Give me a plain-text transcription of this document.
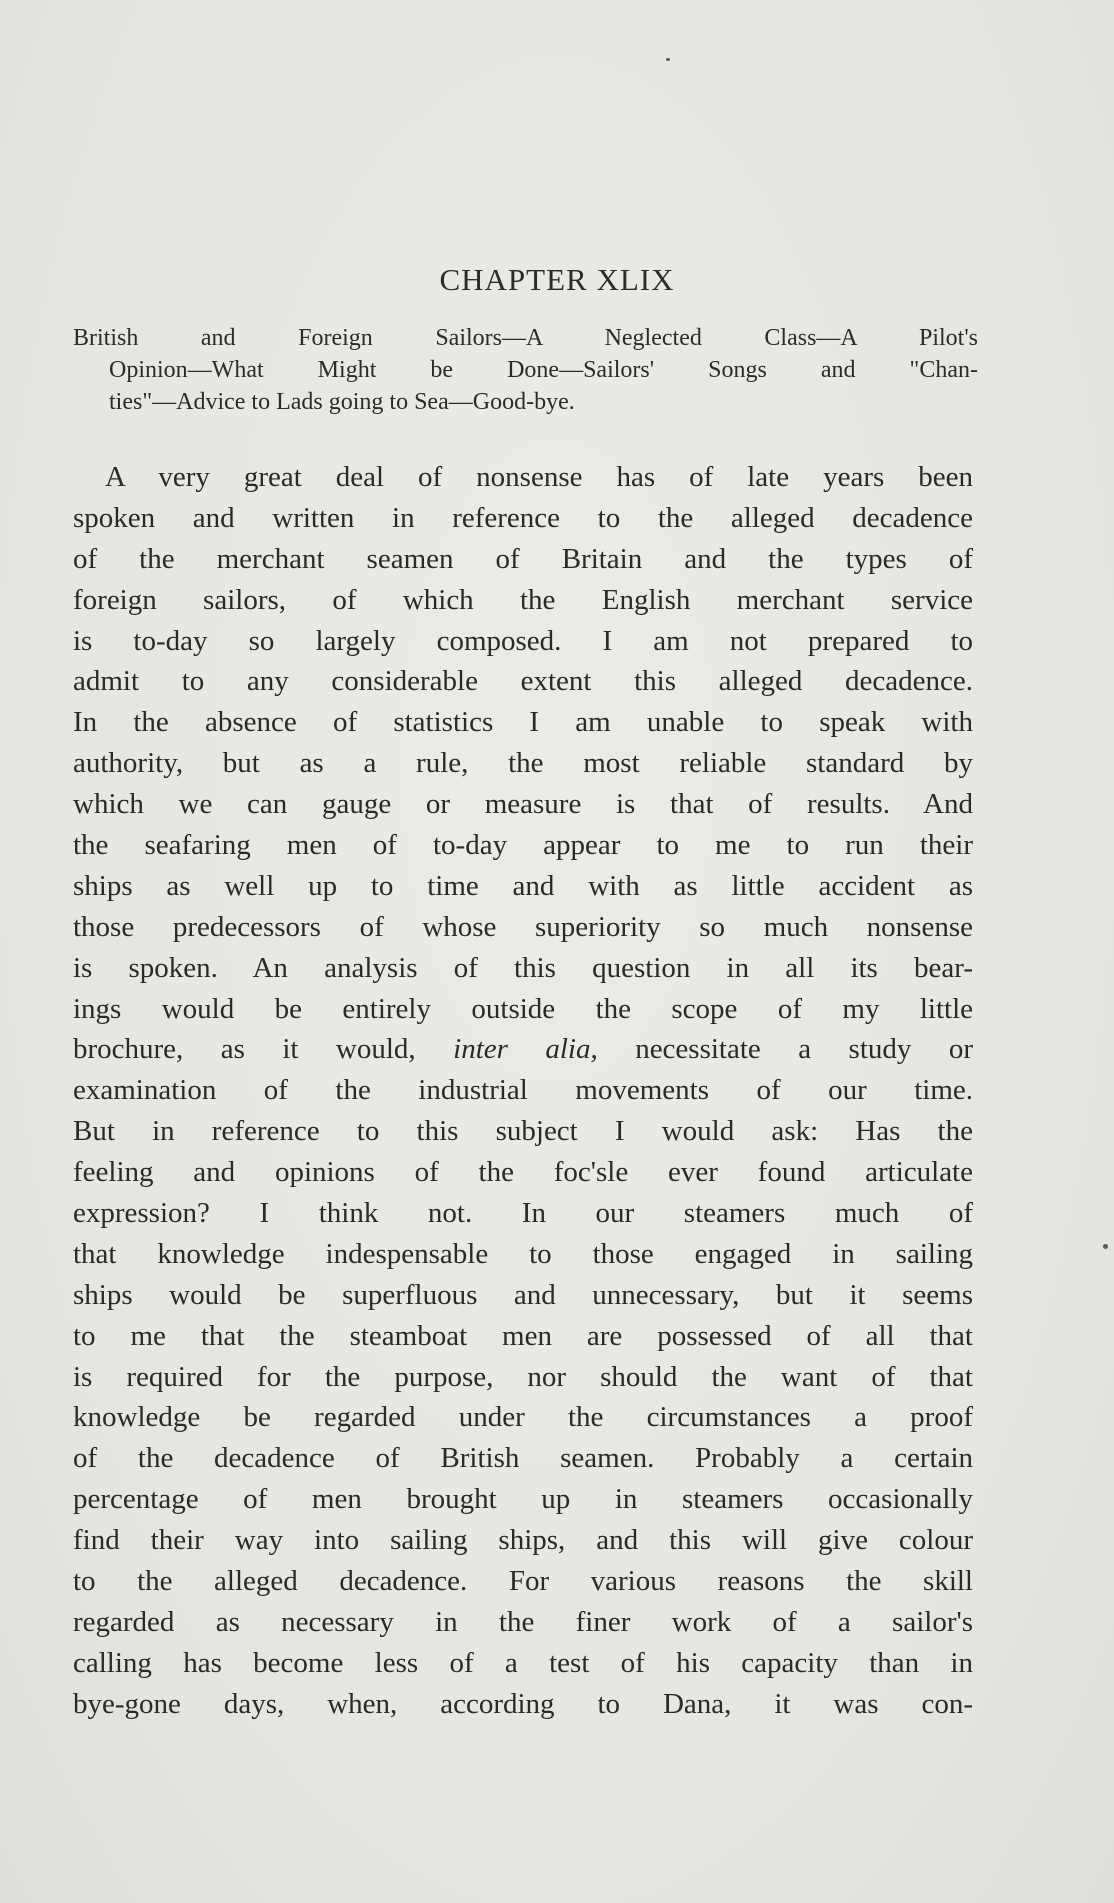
CHAPTER XLIX
British and Foreign Sailors—A Neglected Class—A Pilot's
Opinion—What Might be Done—Sailors' Songs and "Chan-
ties"—Advice to Lads going to Sea—Good-bye.
A very great deal of nonsense has of late years been
spoken and written in reference to the alleged decadence
of the merchant seamen of Britain and the types of
foreign sailors, of which the English merchant service
is to-day so largely composed. I am not prepared to
admit to any considerable extent this alleged decadence.
In the absence of statistics I am unable to speak with
authority, but as a rule, the most reliable standard by
which we can gauge or measure is that of results. And
the seafaring men of to-day appear to me to run their
ships as well up to time and with as little accident as
those predecessors of whose superiority so much nonsense
is spoken. An analysis of this question in all its bear-
ings would be entirely outside the scope of my little
brochure, as it would, inter alia, necessitate a study or
examination of the industrial movements of our time.
But in reference to this subject I would ask: Has the
feeling and opinions of the foc'sle ever found articulate
expression? I think not. In our steamers much of
that knowledge indespensable to those engaged in sailing
ships would be superfluous and unnecessary, but it seems
to me that the steamboat men are possessed of all that
is required for the purpose, nor should the want of that
knowledge be regarded under the circumstances a proof
of the decadence of British seamen. Probably a certain
percentage of men brought up in steamers occasionally
find their way into sailing ships, and this will give colour
to the alleged decadence. For various reasons the skill
regarded as necessary in the finer work of a sailor's
calling has become less of a test of his capacity than in
bye-gone days, when, according to Dana, it was con-
